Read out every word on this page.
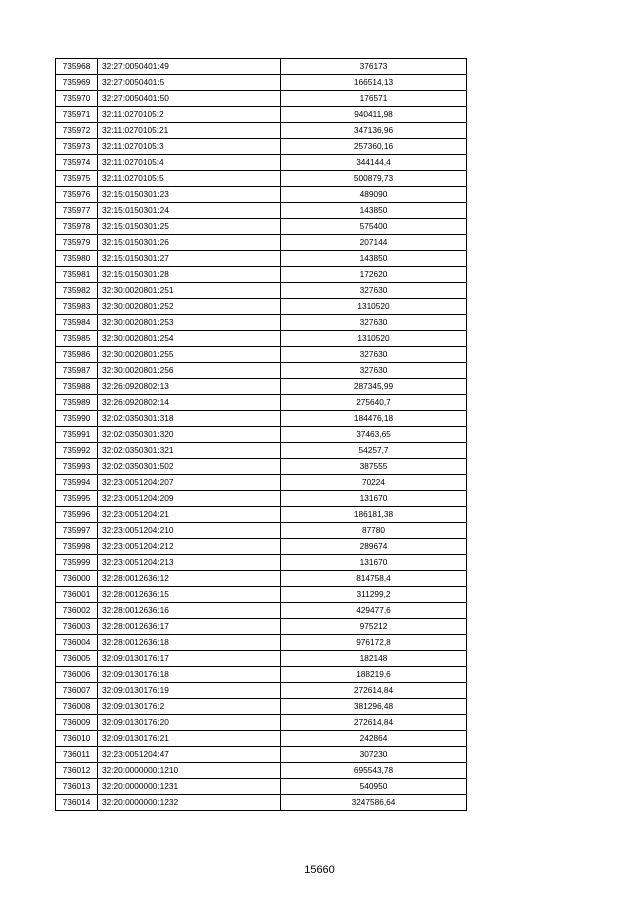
735968	32:27:0050401:49	376173
735969	32:27:0050401:5	166514,13
735970	32:27:0050401:50	176571
735971	32:11:0270105:2	940411,98
735972	32:11:0270105:21	347136,96
735973	32:11:0270105:3	257360,16
735974	32:11:0270105:4	344144,4
735975	32:11:0270105:5	500879,73
735976	32:15:0150301:23	489090
735977	32:15:0150301:24	143850
735978	32:15:0150301:25	575400
735979	32:15:0150301:26	207144
735980	32:15:0150301:27	143850
735981	32:15:0150301:28	172620
735982	32:30:0020801:251	327630
735983	32:30:0020801:252	1310520
735984	32:30:0020801:253	327630
735985	32:30:0020801:254	1310520
735986	32:30:0020801:255	327630
735987	32:30:0020801:256	327630
735988	32:26:0920802:13	287345,99
735989	32:26:0920802:14	275640,7
735990	32:02:0350301:318	184476,18
735991	32:02:0350301:320	37463,65
735992	32:02:0350301:321	54257,7
735993	32:02:0350301:502	387555
735994	32:23:0051204:207	70224
735995	32:23:0051204:209	131670
735996	32:23:0051204:21	186181,38
735997	32:23:0051204:210	87780
735998	32:23:0051204:212	289674
735999	32:23:0051204:213	131670
736000	32:28:0012636:12	814758,4
736001	32:28:0012636:15	311299,2
736002	32:28:0012636:16	429477,6
736003	32:28:0012636:17	975212
736004	32:28:0012636:18	976172,8
736005	32:09:0130176:17	182148
736006	32:09:0130176:18	188219,6
736007	32:09:0130176:19	272614,84
736008	32:09:0130176:2	381296,48
736009	32:09:0130176:20	272614,84
736010	32:09:0130176:21	242864
736011	32:23:0051204:47	307230
736012	32:20:0000000:1210	695543,78
736013	32:20:0000000:1231	540950
736014	32:20:0000000:1232	3247586,64
15660
